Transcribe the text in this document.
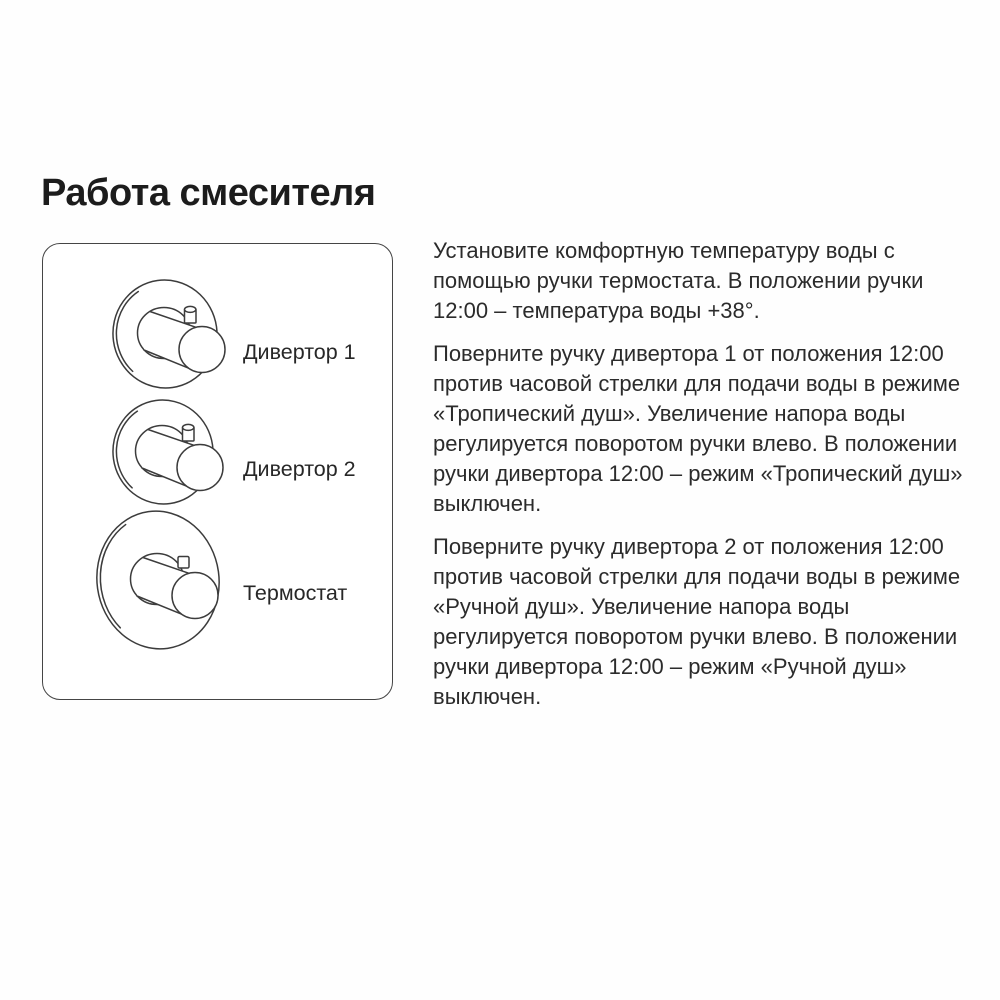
Работа смесителя
Дивертор 1
Дивертор 2
Термостат

Установите комфортную температуру воды с помощью ручки термостата. В положении ручки 12:00 – температура воды +38°.

Поверните ручку дивертора 1 от положения 12:00 против часовой стрелки для подачи воды в режиме «Тропический душ». Увеличение напора воды регулируется поворотом ручки влево. В положении ручки дивертора 12:00 – режим «Тропический душ» выключен.

Поверните ручку дивертора 2 от положения 12:00 против часовой стрелки для подачи воды в режиме «Ручной душ». Увеличение напора воды регулируется поворотом ручки влево. В положении ручки дивертора 12:00 – режим «Ручной душ» выключен.
